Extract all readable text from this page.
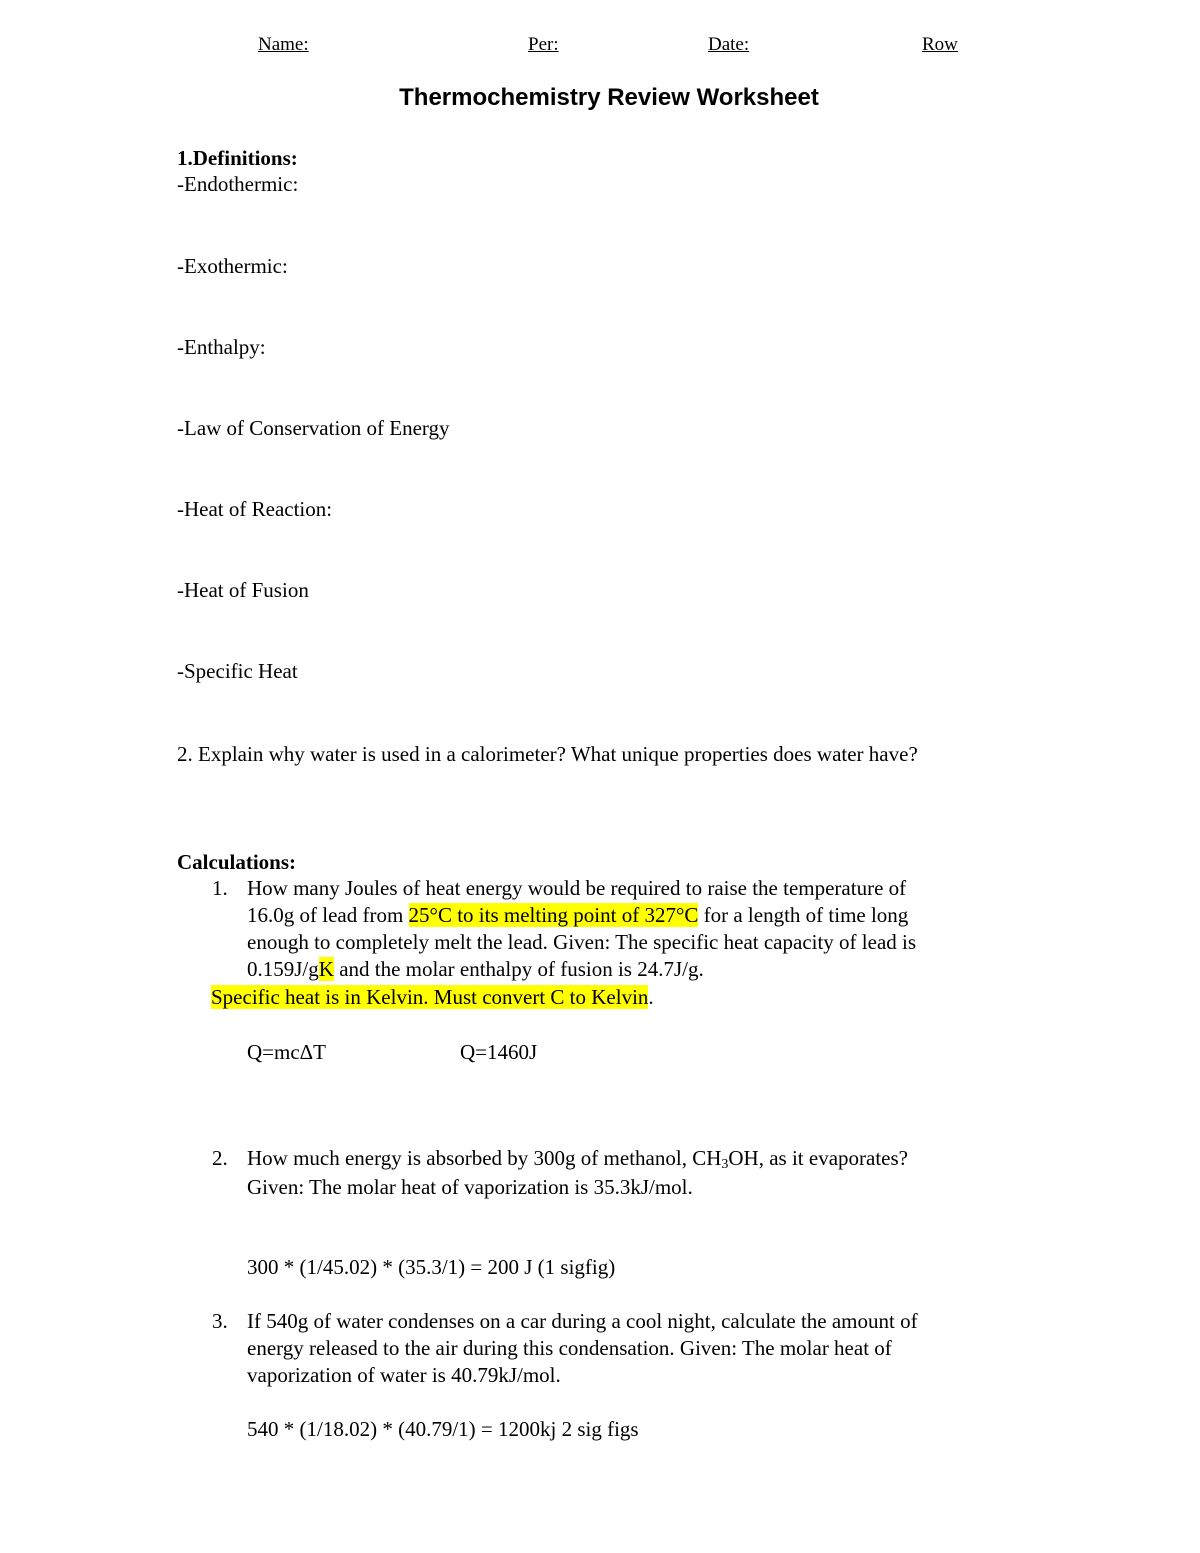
Name:	Per:	Date:	Row
Thermochemistry Review Worksheet
1.Definitions:
-Endothermic:
-Exothermic:
-Enthalpy:
-Law of Conservation of Energy
-Heat of Reaction:
-Heat of Fusion
-Specific Heat
2. Explain why water is used in a calorimeter? What unique properties does water have?
Calculations:
1. How many Joules of heat energy would be required to raise the temperature of
16.0g of lead from 25°C to its melting point of 327°C for a length of time long
enough to completely melt the lead. Given: The specific heat capacity of lead is
0.159J/gK and the molar enthalpy of fusion is 24.7J/g.
Specific heat is in Kelvin. Must convert C to Kelvin.
Q=mcΔT	Q=1460J
2. How much energy is absorbed by 300g of methanol, $CH_3OH$, as it evaporates?
Given: The molar heat of vaporization is 35.3kJ/mol.
300 * (1/45.02) * (35.3/1) = 200 J (1 sigfig)
3. If 540g of water condenses on a car during a cool night, calculate the amount of
energy released to the air during this condensation. Given: The molar heat of
vaporization of water is 40.79kJ/mol.
540 * (1/18.02) * (40.79/1) = 1200kj 2 sig figs
